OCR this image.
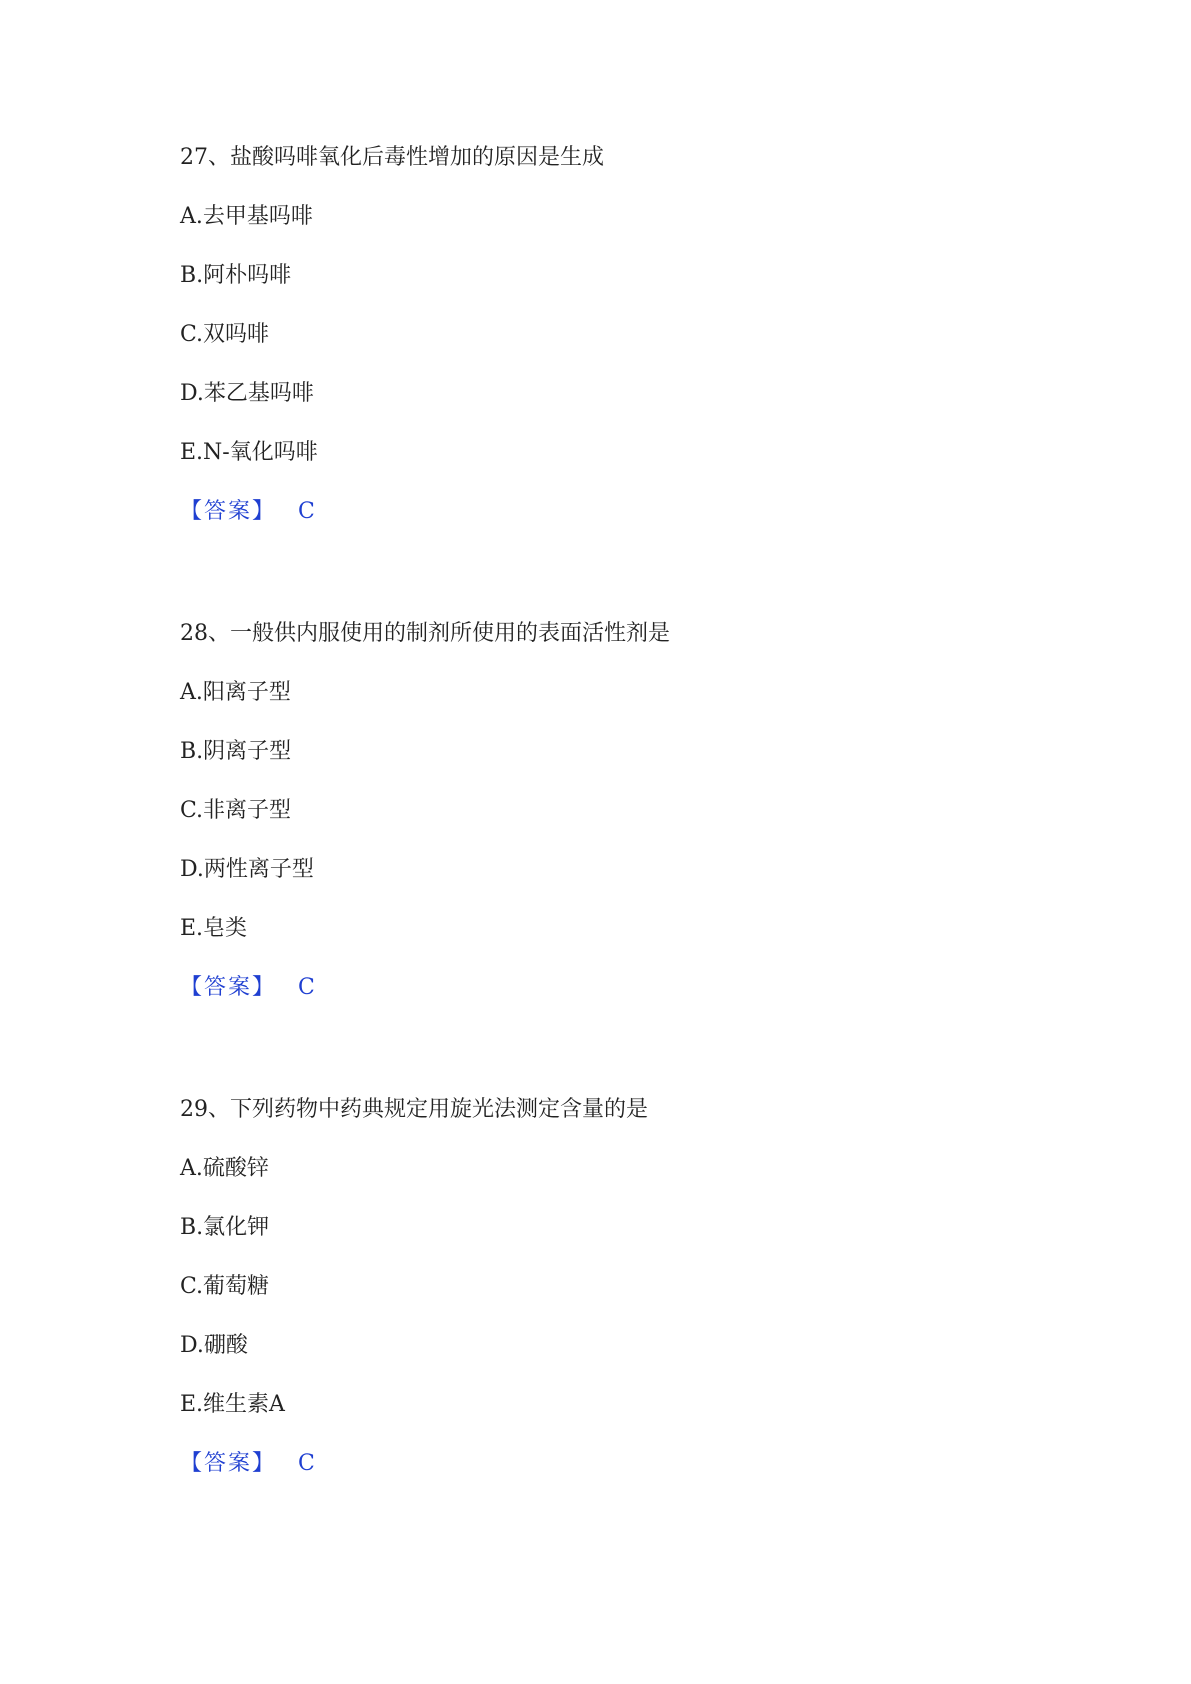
27、盐酸吗啡氧化后毒性增加的原因是生成
A.去甲基吗啡
B.阿朴吗啡
C.双吗啡
D.苯乙基吗啡
E.N-氧化吗啡
【答案】 C
28、一般供内服使用的制剂所使用的表面活性剂是
A.阳离子型
B.阴离子型
C.非离子型
D.两性离子型
E.皂类
【答案】 C
29、下列药物中药典规定用旋光法测定含量的是
A.硫酸锌
B.氯化钾
C.葡萄糖
D.硼酸
E.维生素A
【答案】 C
